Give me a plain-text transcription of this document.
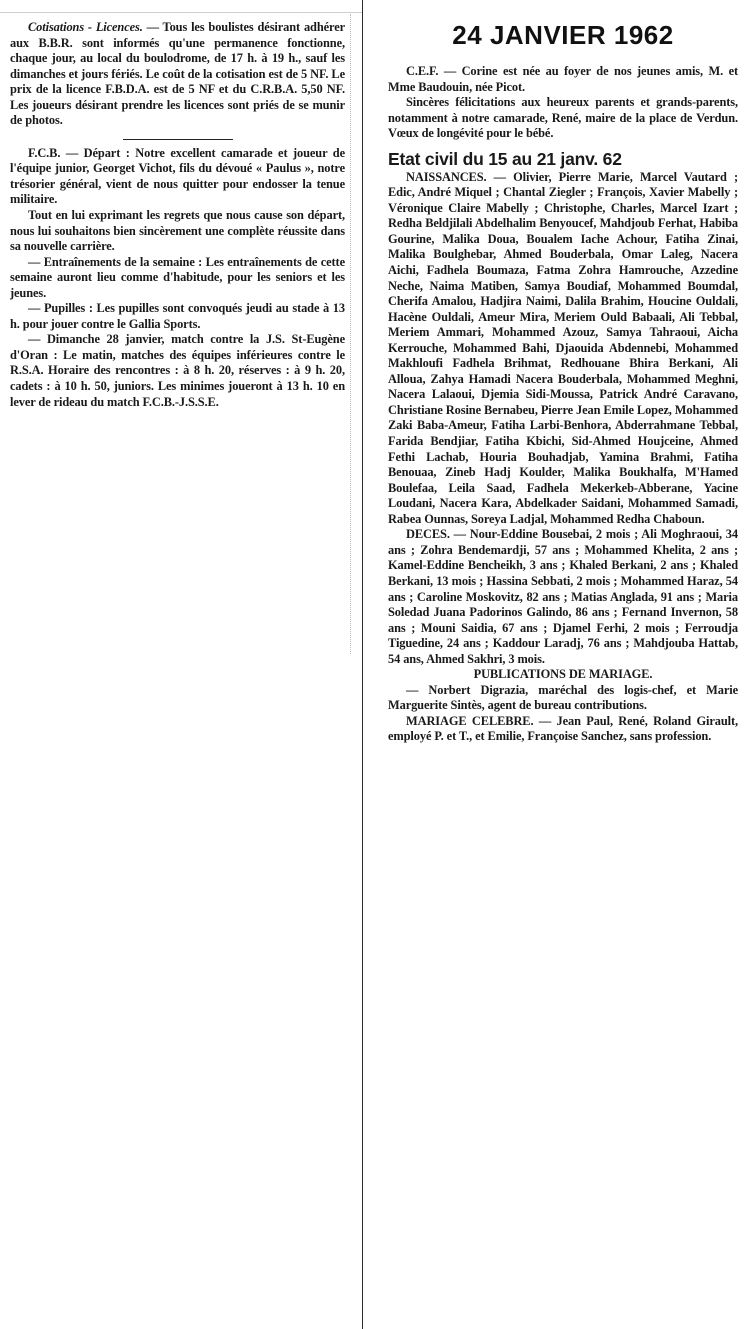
Cotisations - Licences. — Tous les boulistes désirant adhérer aux B.B.R. sont informés qu'une permanence fonctionne, chaque jour, au local du boulodrome, de 17 h. à 19 h., sauf les dimanches et jours fériés. Le coût de la cotisation est de 5 NF. Le prix de la licence F.B.D.A. est de 5 NF et du C.R.B.A. 5,50 NF. Les joueurs désirant prendre les licences sont priés de se munir de photos.

F.C.B. — Départ : Notre excellent camarade et joueur de l'équipe junior, Georget Vichot, fils du dévoué « Paulus », notre trésorier général, vient de nous quitter pour endosser la tenue militaire.

Tout en lui exprimant les regrets que nous cause son départ, nous lui souhaitons bien sincèrement une complète réussite dans sa nouvelle carrière.

— Entraînements de la semaine : Les entraînements de cette semaine auront lieu comme d'habitude, pour les seniors et les jeunes.

— Pupilles : Les pupilles sont convoqués jeudi au stade à 13 h. pour jouer contre le Gallia Sports.

— Dimanche 28 janvier, match contre la J.S. St-Eugène d'Oran : Le matin, matches des équipes inférieures contre le R.S.A. Horaire des rencontres : à 8 h. 20, réserves : à 9 h. 20, cadets : à 10 h. 50, juniors. Les minimes joueront à 13 h. 10 en lever de rideau du match F.C.B.-J.S.S.E.

24 JANVIER 1962

C.E.F. — Corine est née au foyer de nos jeunes amis, M. et Mme Baudouin, née Picot.

Sincères félicitations aux heureux parents et grands-parents, notamment à notre camarade, René, maire de la place de Verdun. Vœux de longévité pour le bébé.

Etat civil du 15 au 21 janv. 62

NAISSANCES. — Olivier, Pierre Marie, Marcel Vautard ; Edic, André Miquel ; Chantal Ziegler ; François, Xavier Mabelly ; Véronique Claire Mabelly ; Christophe, Charles, Marcel Izart ; Redha Beldjilali Abdelhalim Benyoucef, Mahdjoub Ferhat, Habiba Gourine, Malika Doua, Boualem Iache Achour, Fatiha Zinai, Malika Boulghebar, Ahmed Bouderbala, Omar Laleg, Nacera Aichi, Fadhela Boumaza, Fatma Zohra Hamrouche, Azzedine Neche, Naima Matiben, Samya Boudiaf, Mohammed Boumdal, Cherifa Amalou, Hadjira Naimi, Dalila Brahim, Houcine Ouldali, Hacène Ouldali, Ameur Mira, Meriem Ould Babaali, Ali Tebbal, Meriem Ammari, Mohammed Azouz, Samya Tahraoui, Aicha Kerrouche, Mohammed Bahi, Djaouida Abdennebi, Mohammed Makhloufi Fadhela Brihmat, Redhouane Bhira Berkani, Ali Alloua, Zahya Hamadi Nacera Bouderbala, Mohammed Meghni, Nacera Lalaoui, Djemia Sidi-Moussa, Patrick André Caravano, Christiane Rosine Bernabeu, Pierre Jean Emile Lopez, Mohammed Zaki Baba-Ameur, Fatiha Larbi-Benhora, Abderrahmane Tebbal, Farida Bendjiar, Fatiha Kbichi, Sid-Ahmed Houjceine, Ahmed Fethi Lachab, Houria Bouhadjab, Yamina Brahmi, Fatiha Benouaa, Zineb Hadj Koulder, Malika Boukhalfa, M'Hamed Boulefaa, Leila Saad, Fadhela Mekerkeb-Abberane, Yacine Loudani, Nacera Kara, Abdelkader Saidani, Mohammed Samadi, Rabea Ounnas, Soreya Ladjal, Mohammed Redha Chaboun.

DECES. — Nour-Eddine Bousebai, 2 mois ; Ali Moghraoui, 34 ans ; Zohra Bendemardji, 57 ans ; Mohammed Khelita, 2 ans ; Kamel-Eddine Bencheikh, 3 ans ; Khaled Berkani, 2 ans ; Khaled Berkani, 13 mois ; Hassina Sebbati, 2 mois ; Mohammed Haraz, 54 ans ; Caroline Moskovitz, 82 ans ; Matias Anglada, 91 ans ; Maria Soledad Juana Padorinos Galindo, 86 ans ; Fernand Invernon, 58 ans ; Mouni Saidia, 67 ans ; Djamel Ferhi, 2 mois ; Ferroudja Tiguedine, 24 ans ; Kaddour Laradj, 76 ans ; Mahdjouba Hattab, 54 ans, Ahmed Sakhri, 3 mois.

PUBLICATIONS DE MARIAGE.

— Norbert Digrazia, maréchal des logis-chef, et Marie Marguerite Sintès, agent de bureau contributions.

MARIAGE CELEBRE. — Jean Paul, René, Roland Girault, employé P. et T., et Emilie, Françoise Sanchez, sans profession.
